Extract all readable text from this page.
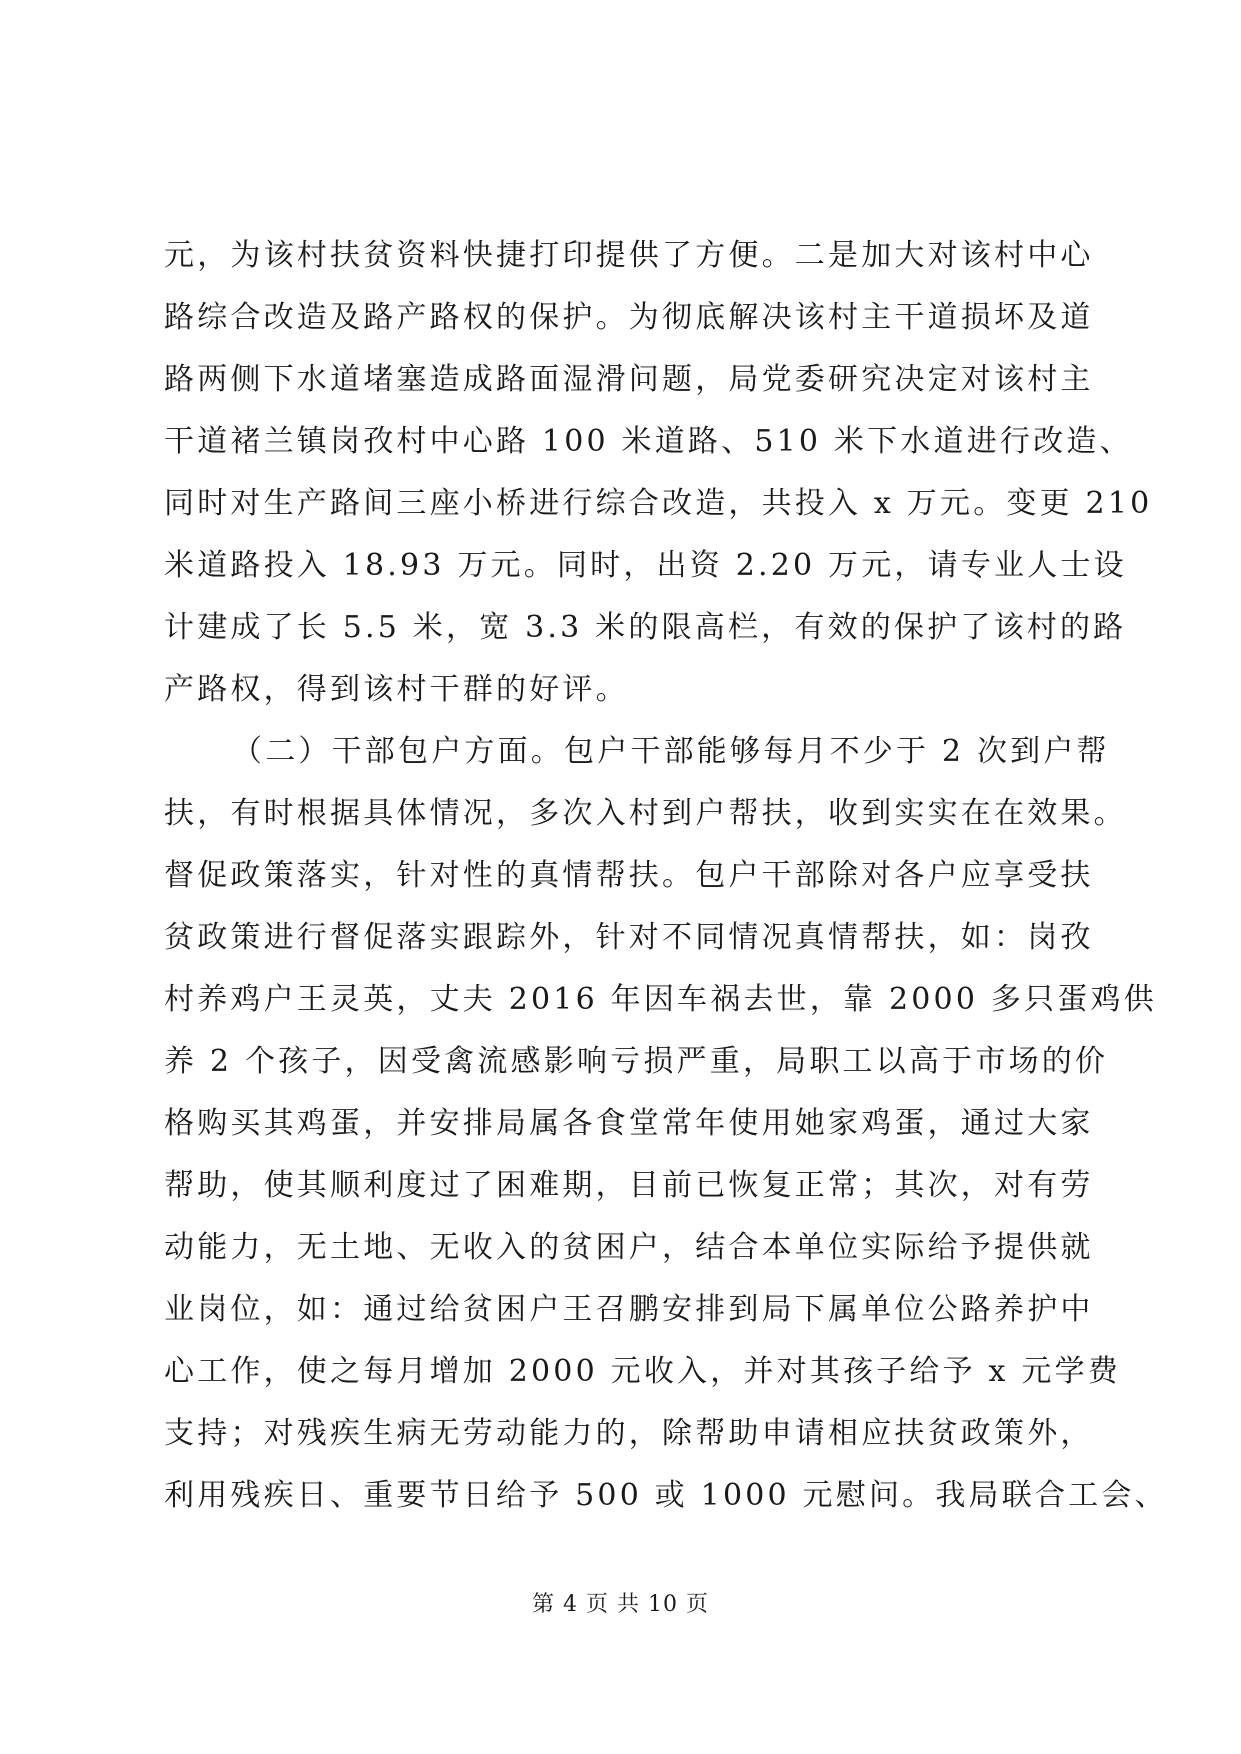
元，为该村扶贫资料快捷打印提供了方便。二是加大对该村中心
路综合改造及路产路权的保护。为彻底解决该村主干道损坏及道
路两侧下水道堵塞造成路面湿滑问题，局党委研究决定对该村主
干道褚兰镇岗孜村中心路 100 米道路、510 米下水道进行改造、
同时对生产路间三座小桥进行综合改造，共投入 x 万元。变更 210
米道路投入 18.93 万元。同时，出资 2.20 万元，请专业人士设
计建成了长 5.5 米，宽 3.3 米的限高栏，有效的保护了该村的路
产路权，得到该村干群的好评。
（二）干部包户方面。包户干部能够每月不少于 2 次到户帮
扶，有时根据具体情况，多次入村到户帮扶，收到实实在在效果。
督促政策落实，针对性的真情帮扶。包户干部除对各户应享受扶
贫政策进行督促落实跟踪外，针对不同情况真情帮扶，如：岗孜
村养鸡户王灵英，丈夫 2016 年因车祸去世，靠 2000 多只蛋鸡供
养 2 个孩子，因受禽流感影响亏损严重，局职工以高于市场的价
格购买其鸡蛋，并安排局属各食堂常年使用她家鸡蛋，通过大家
帮助，使其顺利度过了困难期，目前已恢复正常；其次，对有劳
动能力，无土地、无收入的贫困户，结合本单位实际给予提供就
业岗位，如：通过给贫困户王召鹏安排到局下属单位公路养护中
心工作，使之每月增加 2000 元收入，并对其孩子给予 x 元学费
支持；对残疾生病无劳动能力的，除帮助申请相应扶贫政策外，
利用残疾日、重要节日给予 500 或 1000 元慰问。我局联合工会、
第 4 页 共 10 页
